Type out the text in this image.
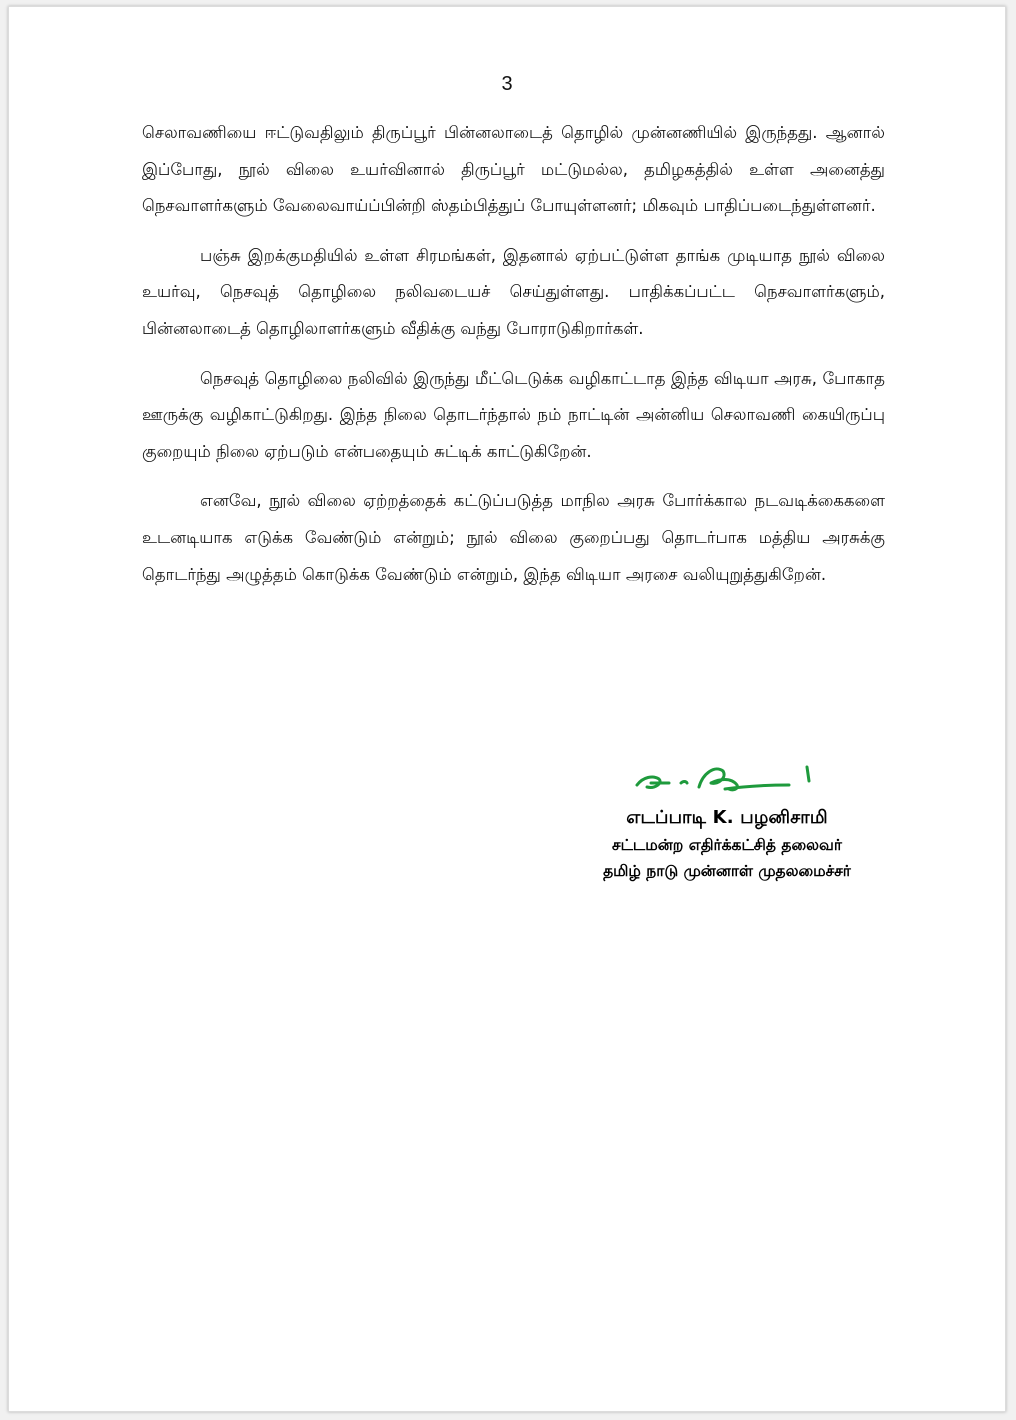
3

செலாவணியை ஈட்டுவதிலும் திருப்பூர் பின்னலாடைத் தொழில் முன்னணியில் இருந்தது. ஆனால் இப்போது, நூல் விலை உயர்வினால் திருப்பூர் மட்டுமல்ல, தமிழகத்தில் உள்ள அனைத்து நெசவாளர்களும் வேலைவாய்ப்பின்றி ஸ்தம்பித்துப் போயுள்ளனர்; மிகவும் பாதிப்படைந்துள்ளனர்.

பஞ்சு இறக்குமதியில் உள்ள சிரமங்கள், இதனால் ஏற்பட்டுள்ள தாங்க முடியாத நூல் விலை உயர்வு, நெசவுத் தொழிலை நலிவடையச் செய்துள்ளது. பாதிக்கப்பட்ட நெசவாளர்களும், பின்னலாடைத் தொழிலாளர்களும் வீதிக்கு வந்து போராடுகிறார்கள்.

நெசவுத் தொழிலை நலிவில் இருந்து மீட்டெடுக்க வழிகாட்டாத இந்த விடியா அரசு, போகாத ஊருக்கு வழிகாட்டுகிறது. இந்த நிலை தொடர்ந்தால் நம் நாட்டின் அன்னிய செலாவணி கையிருப்பு குறையும் நிலை ஏற்படும் என்பதையும் சுட்டிக் காட்டுகிறேன்.

எனவே, நூல் விலை ஏற்றத்தைக் கட்டுப்படுத்த மாநில அரசு போர்க்கால நடவடிக்கைகளை உடனடியாக எடுக்க வேண்டும் என்றும்; நூல் விலை குறைப்பது தொடர்பாக மத்திய அரசுக்கு தொடர்ந்து அழுத்தம் கொடுக்க வேண்டும் என்றும், இந்த விடியா அரசை வலியுறுத்துகிறேன்.

எடப்பாடி K. பழனிசாமி
சட்டமன்ற எதிர்க்கட்சித் தலைவர்
தமிழ் நாடு முன்னாள் முதலமைச்சர்
